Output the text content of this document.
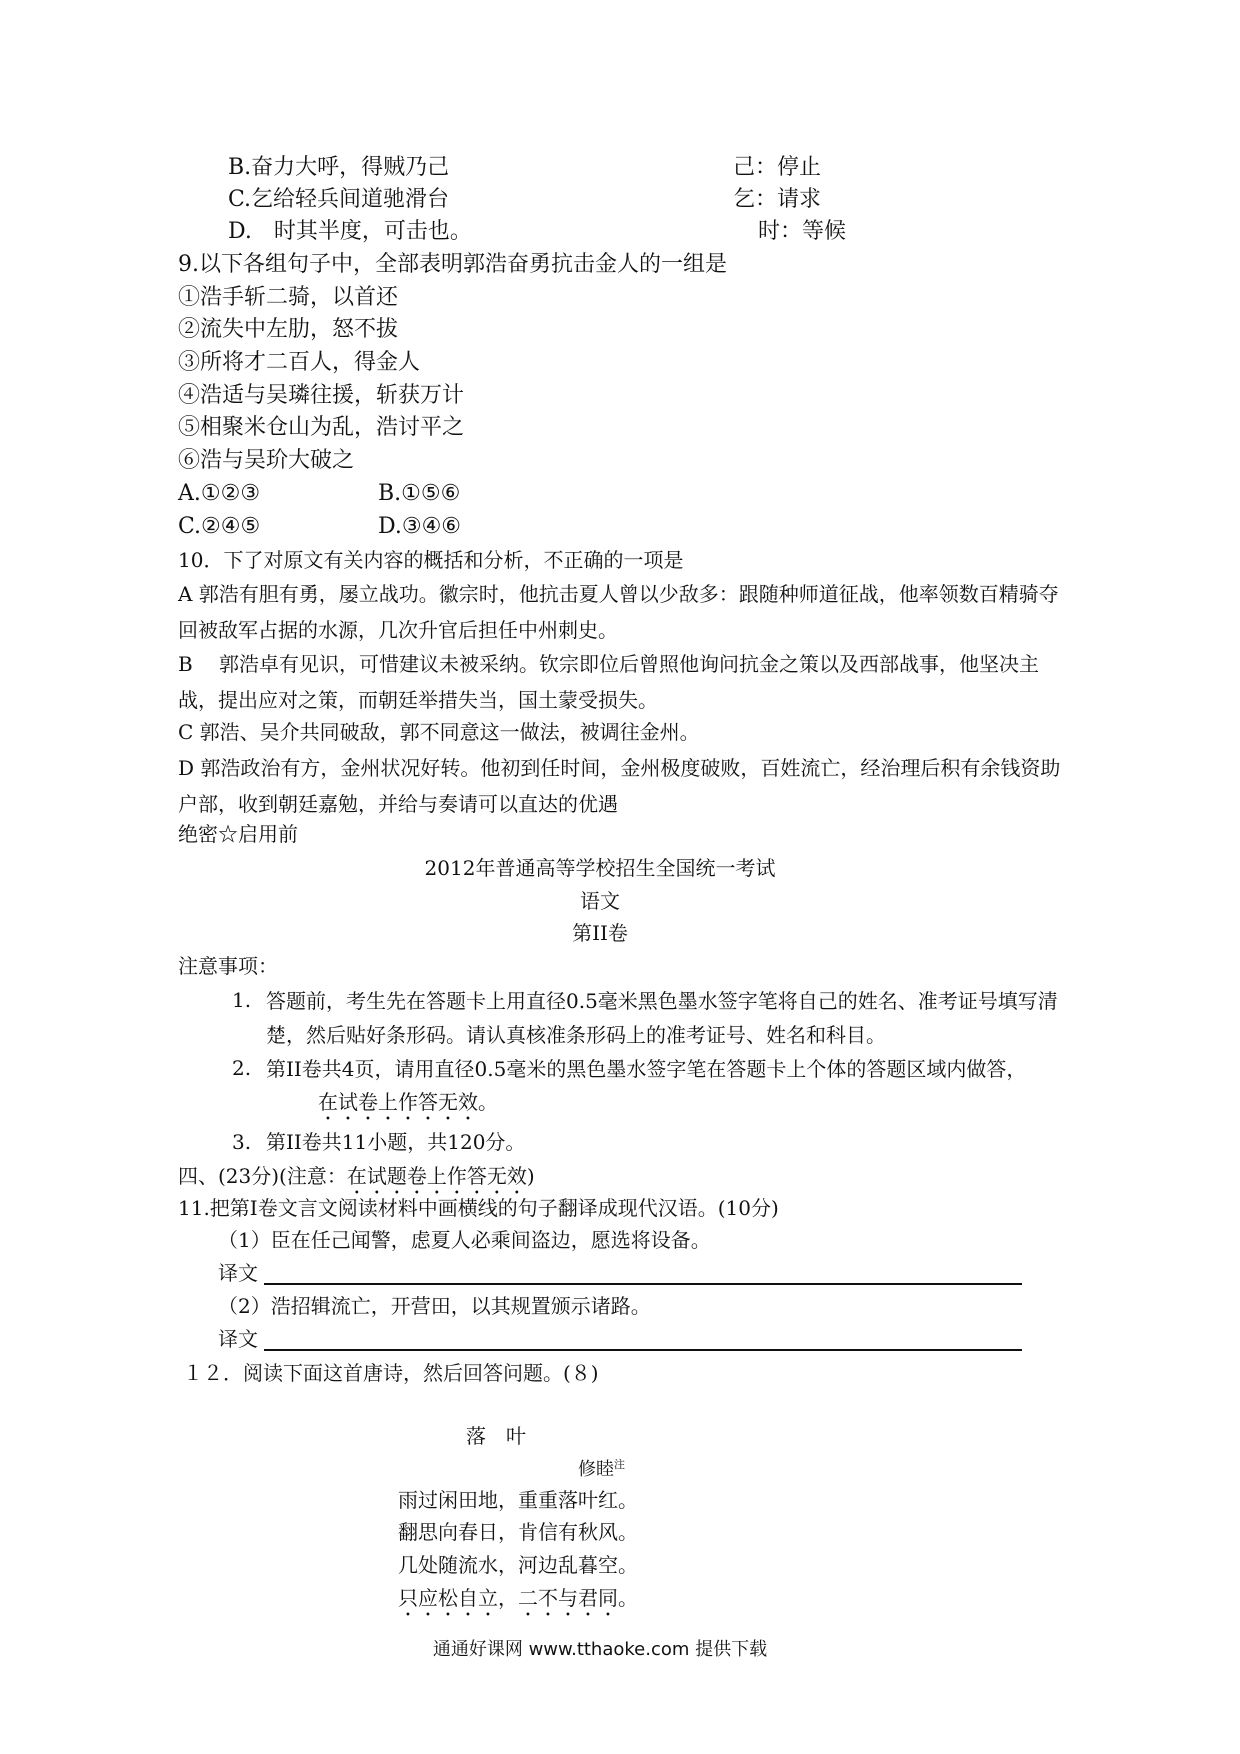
B.奋力大呼，得贼乃己	己：停止
C.乞给轻兵间道驰滑台	乞：请求
D.　时其半度，可击也。	时：等候
9.以下各组句子中，全部表明郭浩奋勇抗击金人的一组是
①浩手斩二骑，以首还
②流失中左肋，怒不拔
③所将才二百人，得金人
④浩适与吴璘往援，斩获万计
⑤相聚米仓山为乱，浩讨平之
⑥浩与吴玠大破之
A.①②③	B.①⑤⑥
C.②④⑤	D.③④⑥
10．下了对原文有关内容的概括和分析，不正确的一项是
A 郭浩有胆有勇，屡立战功。徽宗时，他抗击夏人曾以少敌多：跟随种师道征战，他率领数百精骑夺回被敌军占据的水源，几次升官后担任中州刺史。
B　 郭浩卓有见识，可惜建议未被采纳。钦宗即位后曾照他询问抗金之策以及西部战事，他坚决主战，提出应对之策，而朝廷举措失当，国土蒙受损失。
C 郭浩、吴介共同破敌，郭不同意这一做法，被调往金州。
D 郭浩政治有方，金州状况好转。他初到任时间，金州极度破败，百姓流亡，经治理后积有余钱资助户部，收到朝廷嘉勉，并给与奏请可以直达的优遇
绝密☆启用前
2012年普通高等学校招生全国统一考试
语文
第II卷
注意事项：
1. 答题前，考生先在答题卡上用直径0.5毫米黑色墨水签字笔将自己的姓名、准考证号填写清楚，然后贴好条形码。请认真核准条形码上的准考证号、姓名和科目。
2. 第II卷共4页，请用直径0.5毫米的黑色墨水签字笔在答题卡上个体的答题区域内做答，
在试卷上作答无效。
3. 第II卷共11小题，共120分。
四、(23分)(注意：在试题卷上作答无效)
11.把第I卷文言文阅读材料中画横线的句子翻译成现代汉语。(10分)
（1）臣在任己闻警，虑夏人必乘间盗边，愿选将设备。
译文
（2）浩招辑流亡，开营田，以其规置颁示诸路。
译文
１２．阅读下面这首唐诗，然后回答问题。(８)
落叶
修睦$^注$
雨过闲田地，重重落叶红。
翻思向春日，肯信有秋风。
几处随流水，河边乱暮空。
只应松自立，二不与君同。
通通好课网 www.tthaoke.com 提供下载
